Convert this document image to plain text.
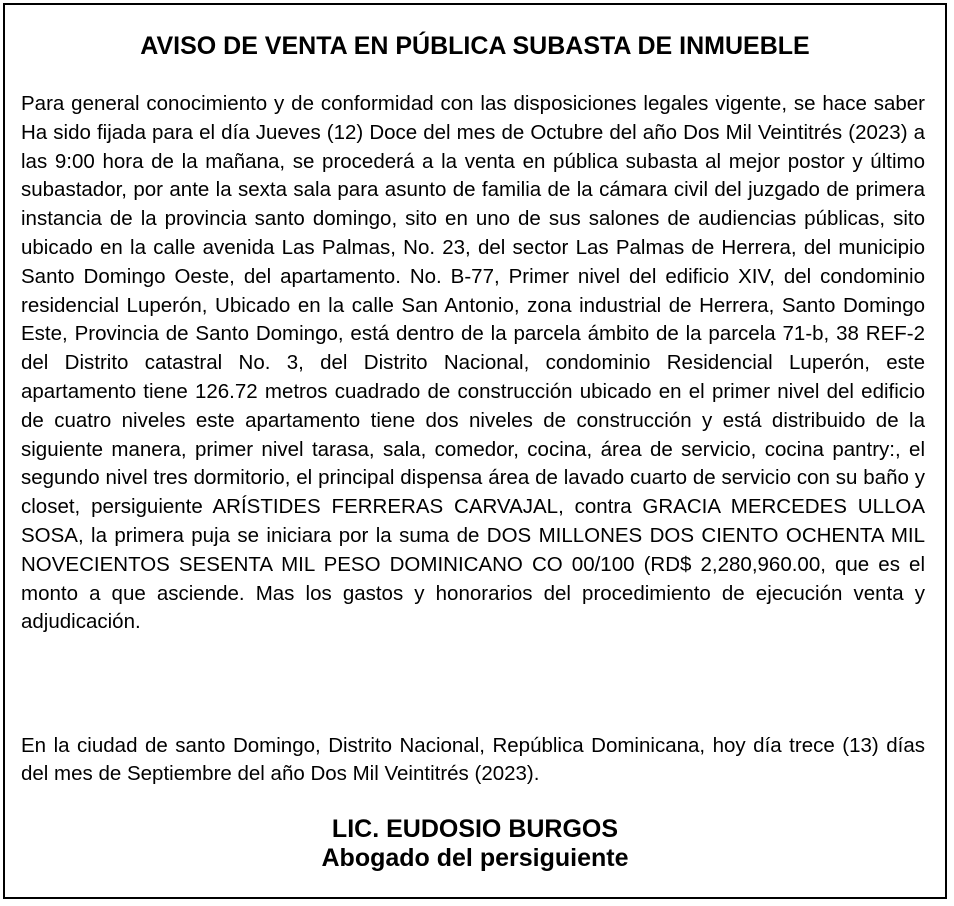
AVISO DE VENTA EN PÚBLICA SUBASTA DE INMUEBLE

Para general conocimiento y de conformidad con las disposiciones legales vigente, se hace saber Ha sido fijada para el día Jueves (12) Doce del mes de Octubre del año Dos Mil Veintitrés (2023) a las 9:00 hora de la mañana, se procederá a la venta en pública subasta al mejor postor y último subastador, por ante la sexta sala para asunto de familia de la cámara civil del juzgado de primera instancia de la provincia santo domingo, sito en uno de sus salones de audiencias públicas, sito ubicado en la calle avenida Las Palmas, No. 23, del sector Las Palmas de Herrera, del municipio Santo Domingo Oeste, del apartamento. No. B-77, Primer nivel del edificio XIV, del condominio residencial Luperón, Ubicado en la calle San Antonio, zona industrial de Herrera, Santo Domingo Este, Provincia de Santo Domingo, está dentro de la parcela ámbito de la parcela 71-b, 38 REF-2 del Distrito catastral No. 3, del Distrito Nacional, condominio Residencial Luperón, este apartamento tiene 126.72 metros cuadrado de construcción ubicado en el primer nivel del edificio de cuatro niveles este apartamento tiene dos niveles de construcción y está distribuido de la siguiente manera, primer nivel tarasa, sala, comedor, cocina, área de servicio, cocina pantry:, el segundo nivel tres dormitorio, el principal dispensa área de lavado cuarto de servicio con su baño y closet, persiguiente ARÍSTIDES FERRERAS CARVAJAL, contra GRACIA MERCEDES ULLOA SOSA, la primera puja se iniciara por la suma de DOS MILLONES DOS CIENTO OCHENTA MIL NOVECIENTOS SESENTA MIL PESO DOMINICANO CO 00/100 (RD$ 2,280,960.00, que es el monto a que asciende. Mas los gastos y honorarios del procedimiento de ejecución venta y adjudicación.

En la ciudad de santo Domingo, Distrito Nacional, República Dominicana, hoy día trece (13) días del mes de Septiembre del año Dos Mil Veintitrés (2023).

LIC. EUDOSIO BURGOS
Abogado del persiguiente
